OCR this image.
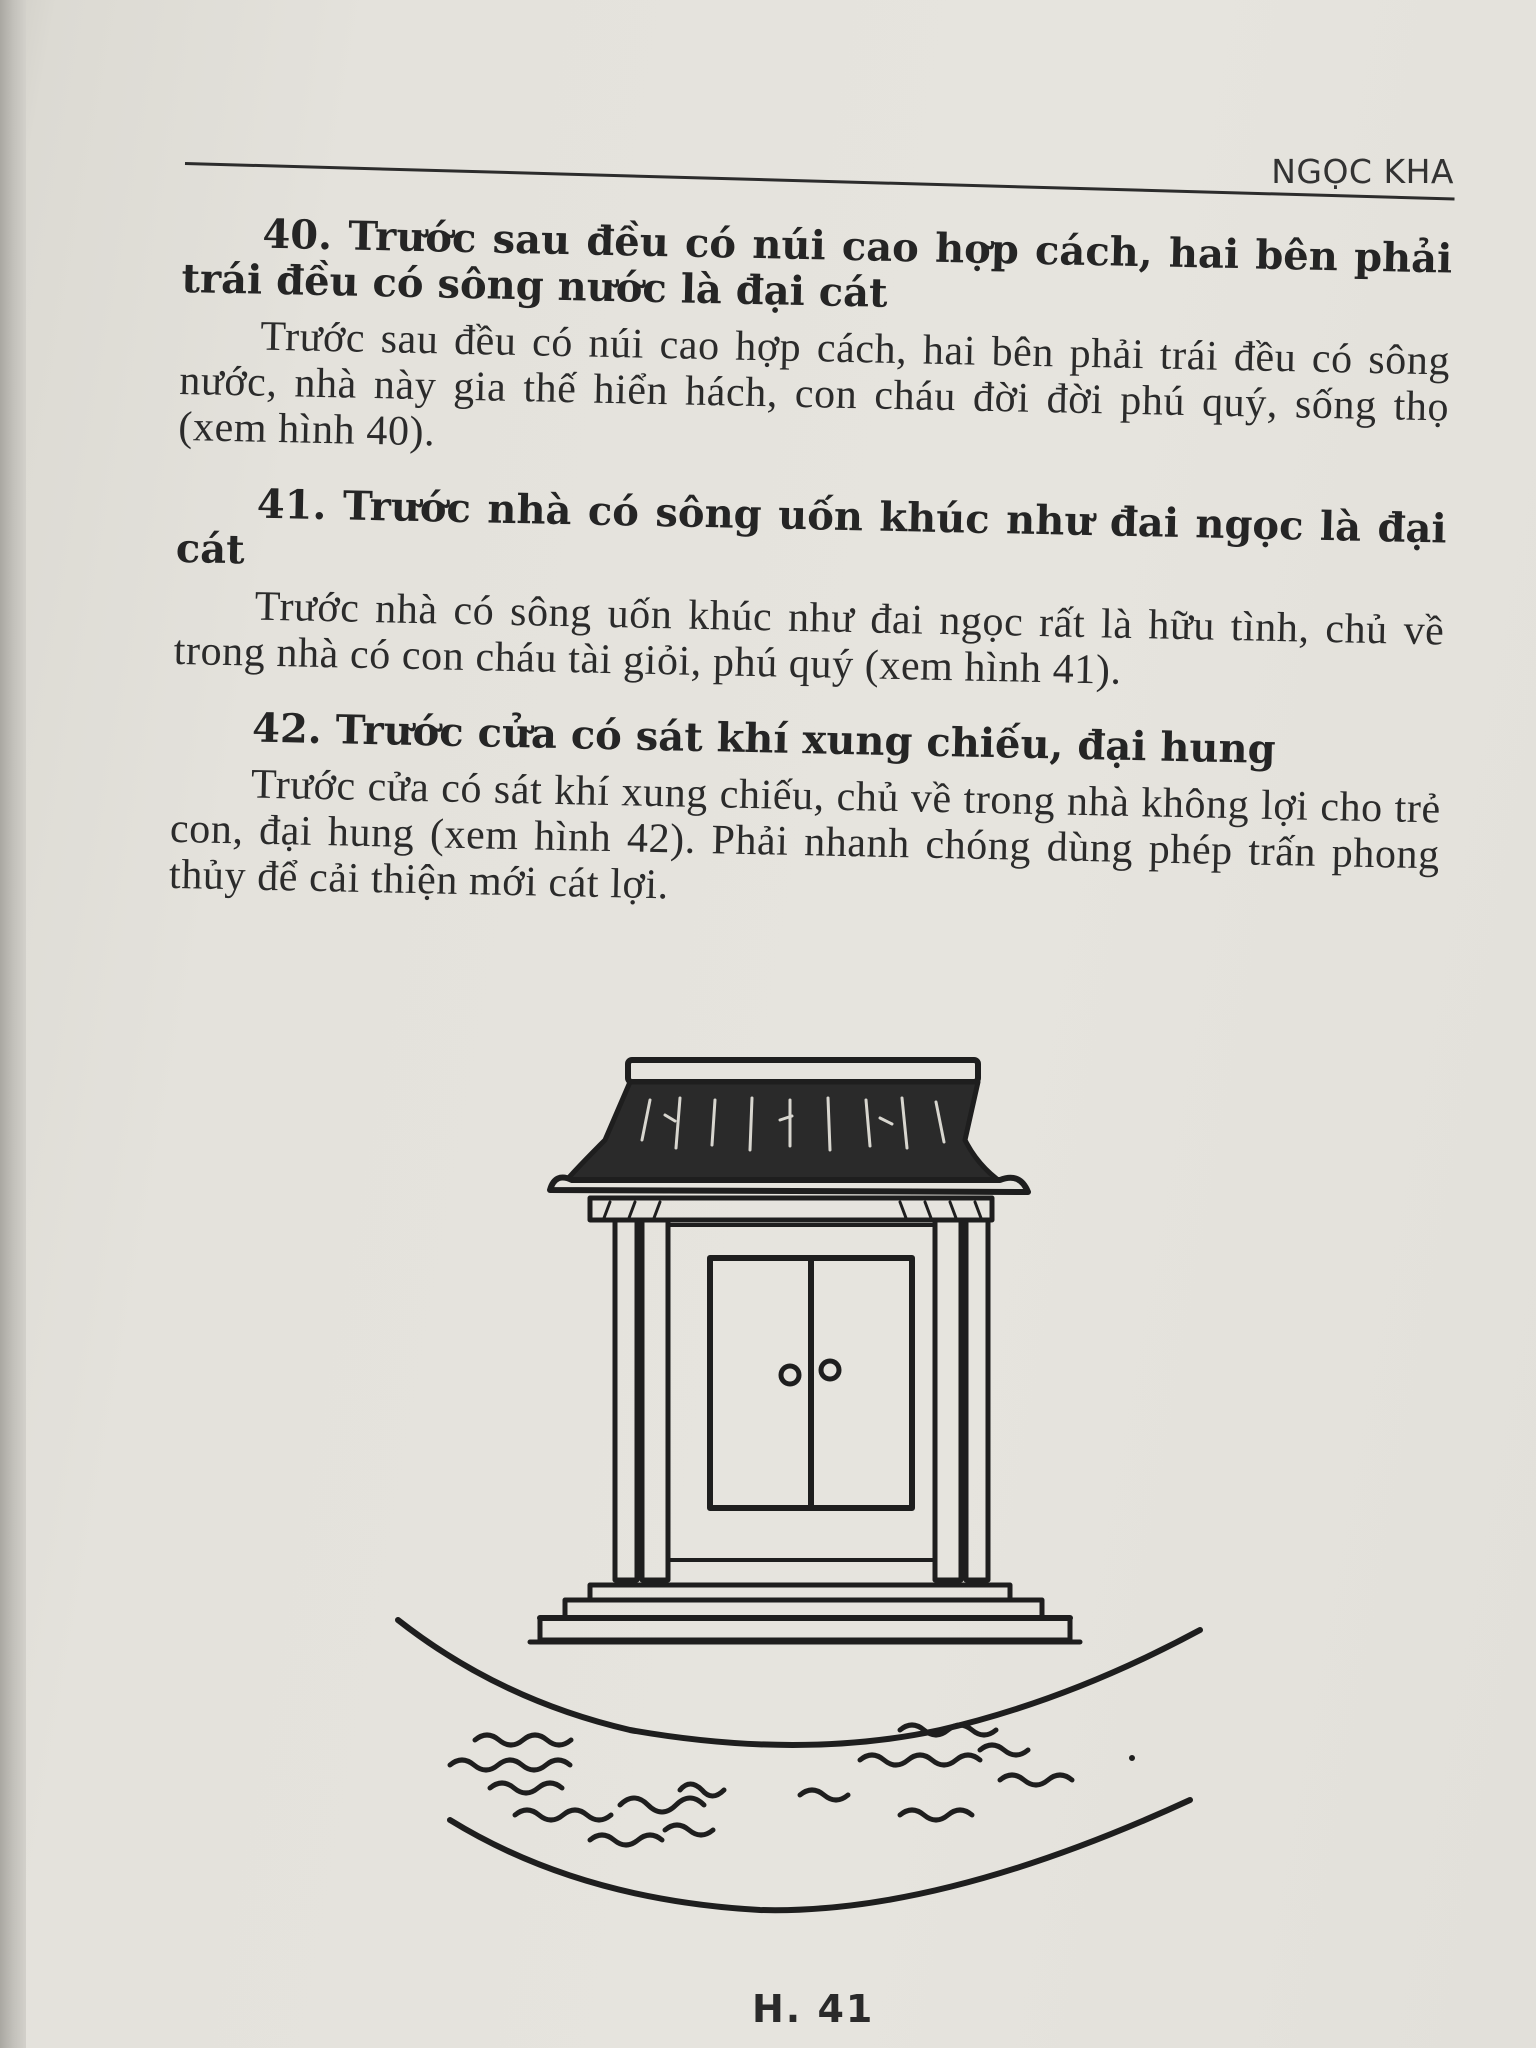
NGỌC KHA

40. Trước sau đều có núi cao hợp cách, hai bên phải trái đều có sông nước là đại cát

Trước sau đều có núi cao hợp cách, hai bên phải trái đều có sông nước, nhà này gia thế hiển hách, con cháu đời đời phú quý, sống thọ (xem hình 40).

41. Trước nhà có sông uốn khúc như đai ngọc là đại cát

Trước nhà có sông uốn khúc như đai ngọc rất là hữu tình, chủ về trong nhà có con cháu tài giỏi, phú quý (xem hình 41).

42. Trước cửa có sát khí xung chiếu, đại hung

Trước cửa có sát khí xung chiếu, chủ về trong nhà không lợi cho trẻ con, đại hung (xem hình 42). Phải nhanh chóng dùng phép trấn phong thủy để cải thiện mới cát lợi.

H. 41
